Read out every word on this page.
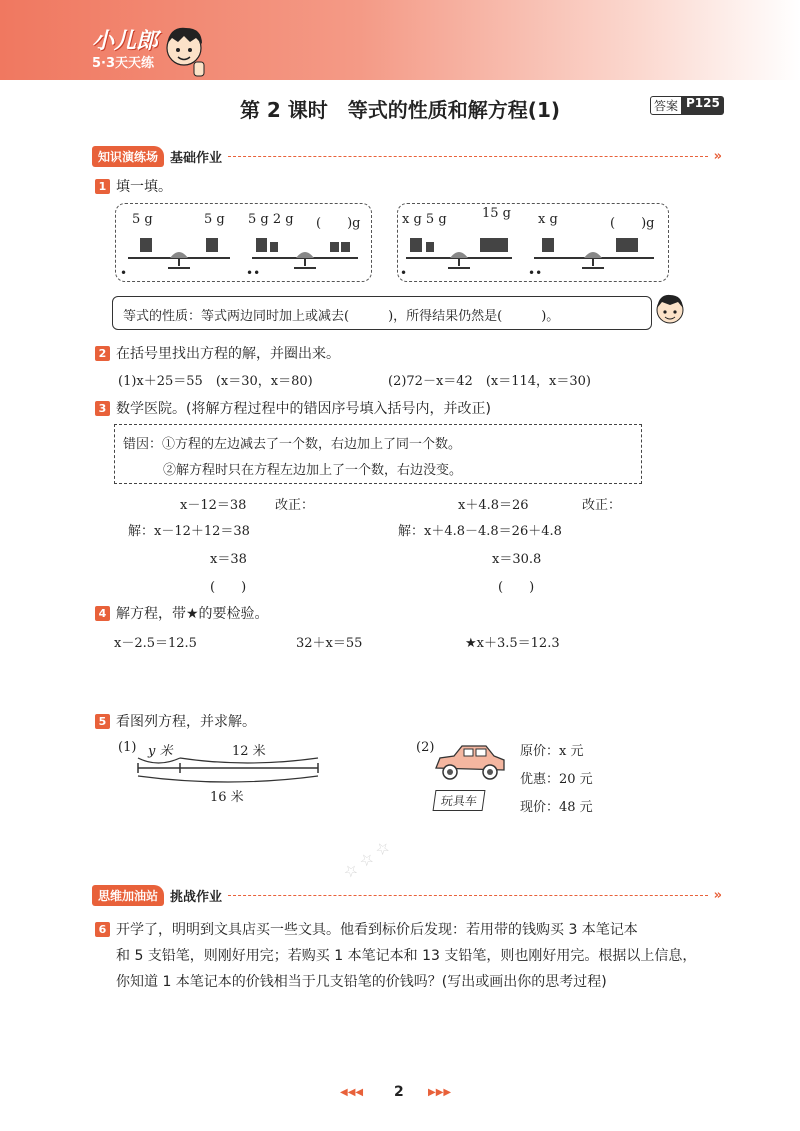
小儿郎
5·3天天练
第 2 课时　等式的性质和解方程(1)	答案 P125
知识演练场 基础作业	»
1 填一填。
5 g	5 g
•
5 g 2 g (　　)g
••
x g 5 g	15 g
•
x g	(　　)g
••
等式的性质：等式两边同时加上或减去(　　　)，所得结果仍然是(　　　)。
2 在括号里找出方程的解，并圈出来。
(1)x＋25＝55　(x＝30，x＝80)	(2)72－x＝42　(x＝114，x＝30)
3 数学医院。(将解方程过程中的错因序号填入括号内，并改正)
错因：①方程的左边减去了一个数，右边加上了同一个数。
②解方程时只在方程左边加上了一个数，右边没变。
x－12＝38 改正：
解：x－12＋12＝38
x＝38
(　　)
x＋4.8＝26	改正：
解：x＋4.8－4.8＝26＋4.8
x＝30.8
(　　)
4 解方程，带★的要检验。
x－2.5＝12.5	32＋x＝55	★x＋3.5＝12.3
5 看图列方程，并求解。
(1) y 米	12 米
16 米
(2)
玩具车
原价：x 元
优惠：20 元
现价：48 元
☆ ☆ ☆
思维加油站 挑战作业	»
6 开学了，明明到文具店买一些文具。他看到标价后发现：若用带的钱购买 3 本笔记本
和 5 支铅笔，则刚好用完；若购买 1 本笔记本和 13 支铅笔，则也刚好用完。根据以上信息，
你知道 1 本笔记本的价钱相当于几支铅笔的价钱吗？(写出或画出你的思考过程)
◀◀◀ 2 ▶▶▶
